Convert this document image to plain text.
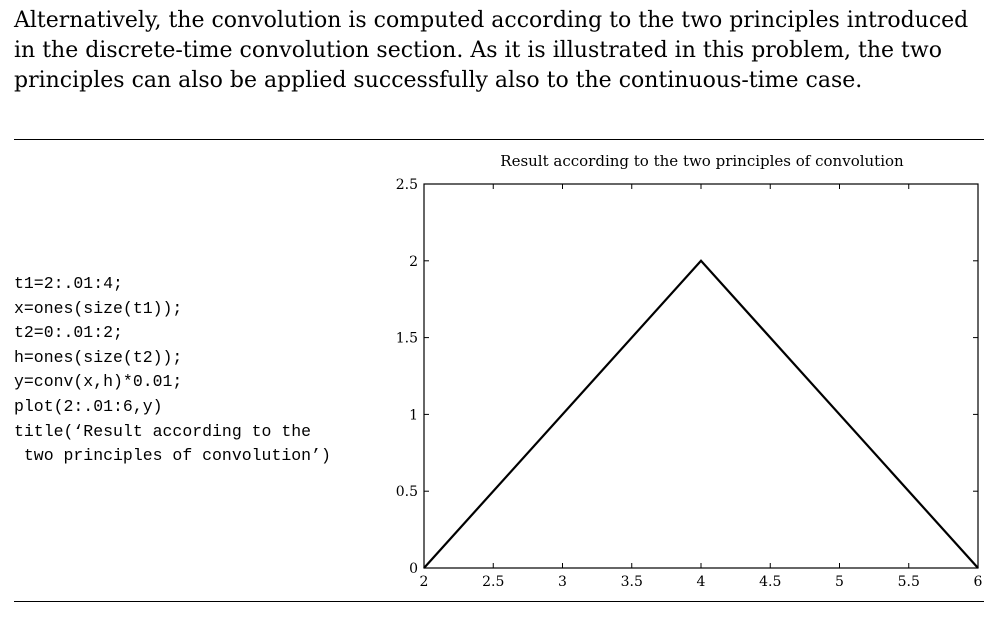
Alternatively, the convolution is computed according to the two principles introduced in the discrete-time convolution section. As it is illustrated in this problem, the two principles can also be applied successfully also to the continuous-time case.

t1=2:.01:4;
x=ones(size(t1));
t2=0:.01:2;
h=ones(size(t2));
y=conv(x,h)*0.01;
plot(2:.01:6,y)
title(‘Result according to the
two principles of convolution’)
Result according to the two principles of convolution
2	2.5	3	3.5	4	4.5	5	5.5	6
0
0.5
1
1.5
2
2.5
